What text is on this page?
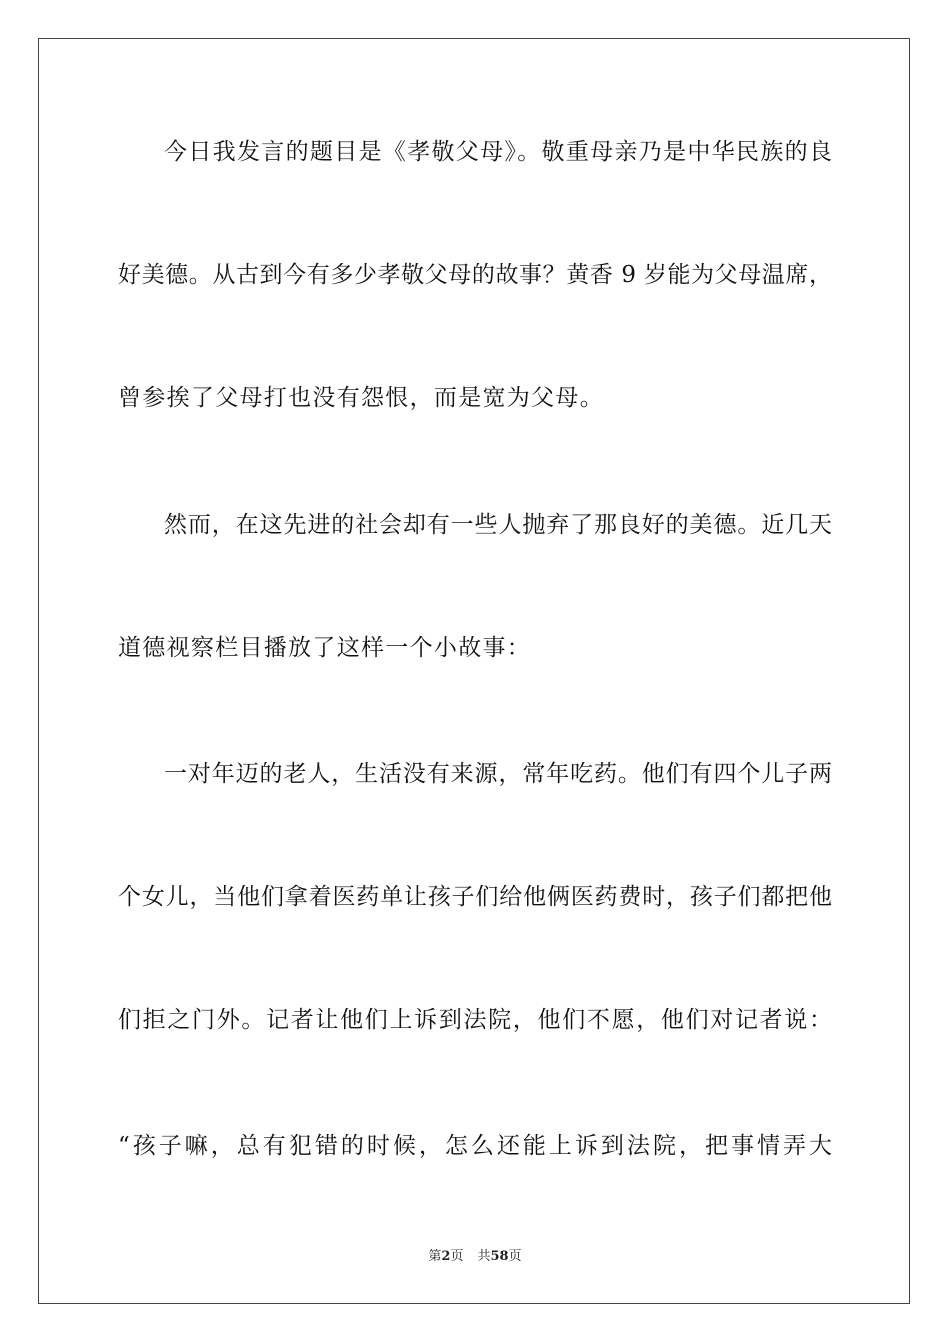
今日我发言的题目是《孝敬父母》。敬重母亲乃是中华民族的良
好美德。从古到今有多少孝敬父母的故事？黄香 9 岁能为父母温席，
曾参挨了父母打也没有怨恨，而是宽为父母。
然而，在这先进的社会却有一些人抛弃了那良好的美德。近几天
道德视察栏目播放了这样一个小故事：
一对年迈的老人，生活没有来源，常年吃药。他们有四个儿子两
个女儿，当他们拿着医药单让孩子们给他俩医药费时，孩子们都把他
们拒之门外。记者让他们上诉到法院，他们不愿，他们对记者说：
“孩子嘛，总有犯错的时候，怎么还能上诉到法院，把事情弄大
第2页 共58页
